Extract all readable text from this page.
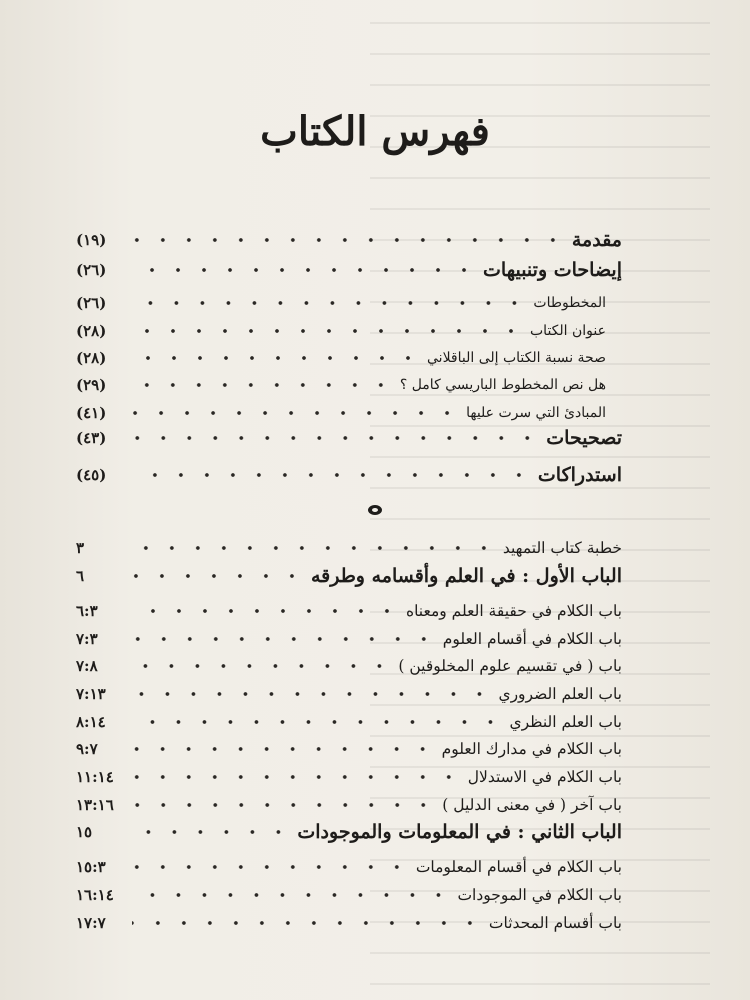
فهرس الكتاب
مقدمة
(١٩)
إيضاحات وتنبيهات
(٢٦)
المخطوطات
(٢٦)
عنوان الكتاب
(٢٨)
صحة نسبة الكتاب إلى الباقلاني
(٢٨)
هل نص المخطوط الباريسي كامل ؟
(٢٩)
المبادئ التي سرت عليها
(٤١)
تصحيحات
(٤٣)
استدراكات
(٤٥)
خطبة كتاب التمهيد
٣
الباب الأول : في العلم وأقسامه وطرقه
٦
باب الكلام في حقيقة العلم ومعناه
٦:٣
باب الكلام في أقسام العلوم
٧:٣
باب ( في تقسيم علوم المخلوقين )
٧:٨
باب العلم الضروري
٧:١٣
باب العلم النظري
٨:١٤
باب الكلام في مدارك العلوم
٩:٧
باب الكلام في الاستدلال
١١:١٤
باب آخر ( في معنى الدليل )
١٣:١٦
الباب الثاني : في المعلومات والموجودات
١٥
باب الكلام في أقسام المعلومات
١٥:٣
باب الكلام في الموجودات
١٦:١٤
باب أقسام المحدثات
١٧:٧
